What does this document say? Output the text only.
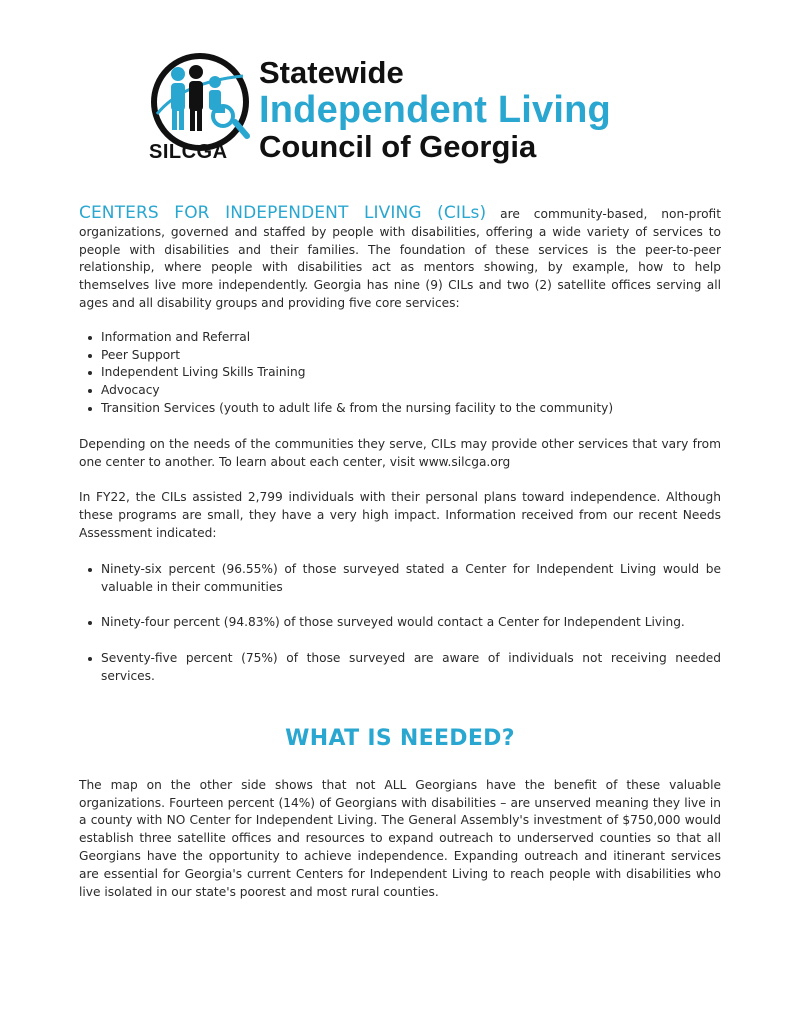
SILCGA
Statewide
Independent Living
Council of Georgia

CENTERS FOR INDEPENDENT LIVING (CILs) are community-based, non-profit organizations, governed and staffed by people with disabilities, offering a wide variety of services to people with disabilities and their families. The foundation of these services is the peer-to-peer relationship, where people with disabilities act as mentors showing, by example, how to help themselves live more independently. Georgia has nine (9) CILs and two (2) satellite offices serving all ages and all disability groups and providing five core services:

Information and Referral
Peer Support
Independent Living Skills Training
Advocacy
Transition Services (youth to adult life & from the nursing facility to the community)

Depending on the needs of the communities they serve, CILs may provide other services that vary from one center to another. To learn about each center, visit www.silcga.org

In FY22, the CILs assisted 2,799 individuals with their personal plans toward independence. Although these programs are small, they have a very high impact. Information received from our recent Needs Assessment indicated:

Ninety-six percent (96.55%) of those surveyed stated a Center for Independent Living would be valuable in their communities
Ninety-four percent (94.83%) of those surveyed would contact a Center for Independent Living.
Seventy-five percent (75%) of those surveyed are aware of individuals not receiving needed services.
WHAT IS NEEDED?

The map on the other side shows that not ALL Georgians have the benefit of these valuable organizations. Fourteen percent (14%) of Georgians with disabilities – are unserved meaning they live in a county with NO Center for Independent Living. The General Assembly's investment of $750,000 would establish three satellite offices and resources to expand outreach to underserved counties so that all Georgians have the opportunity to achieve independence. Expanding outreach and itinerant services are essential for Georgia's current Centers for Independent Living to reach people with disabilities who live isolated in our state's poorest and most rural counties.
